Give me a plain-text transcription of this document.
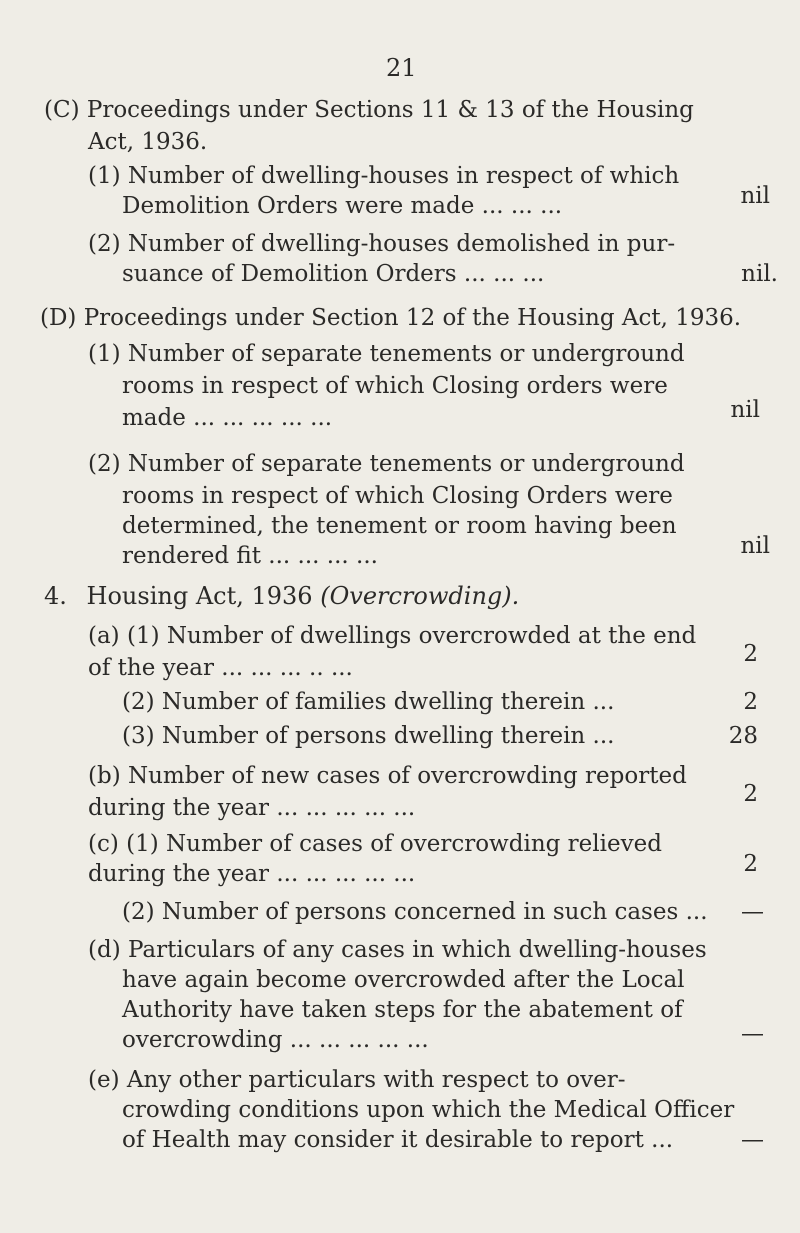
21
(C) Proceedings under Sections 11 & 13 of the Housing
Act, 1936.
(1) Number of dwelling-houses in respect of which
Demolition Orders were made ... ... ...	nil
(2) Number of dwelling-houses demolished in pur-
suance of Demolition Orders ... ... ...	nil.
(D) Proceedings under Section 12 of the Housing Act, 1936.
(1) Number of separate tenements or underground
rooms in respect of which Closing orders were
made ... ... ... ... ...	nil
(2) Number of separate tenements or underground
rooms in respect of which Closing Orders were
determined, the tenement or room having been
rendered fit ... ... ... ...	nil
4. Housing Act, 1936 (Overcrowding).
(a) (1) Number of dwellings overcrowded at the end
of the year ... ... ... .. ...
2
(2) Number of families dwelling therein ...	2
(3) Number of persons dwelling therein ...	28
(b) Number of new cases of overcrowding reported
during the year ... ... ... ... ...
2
(c) (1) Number of cases of overcrowding relieved
during the year ... ... ... ... ...	2
(2) Number of persons concerned in such cases ... —
(d) Particulars of any cases in which dwelling-houses
have again become overcrowded after the Local
Authority have taken steps for the abatement of
overcrowding ... ... ... ... ...	—
(e) Any other particulars with respect to over-
crowding conditions upon which the Medical Officer
of Health may consider it desirable to report ...	—
